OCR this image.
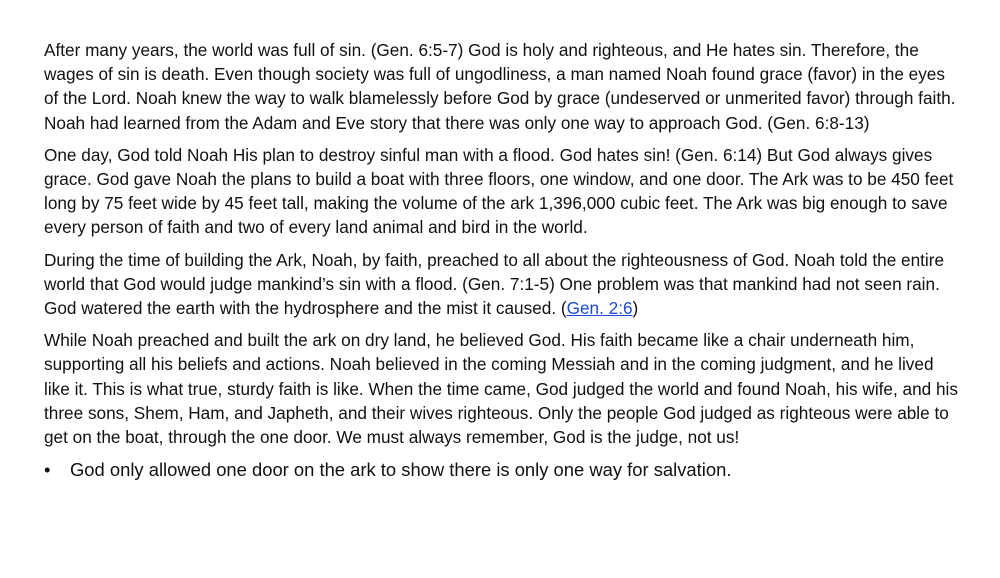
After many years, the world was full of sin. (Gen. 6:5-7) God is holy and righteous, and He hates sin. Therefore, the wages of sin is death. Even though society was full of ungodliness, a man named Noah found grace (favor) in the eyes of the Lord. Noah knew the way to walk blamelessly before God by grace (undeserved or unmerited favor) through faith. Noah had learned from the Adam and Eve story that there was only one way to approach God. (Gen. 6:8-13)

One day, God told Noah His plan to destroy sinful man with a flood. God hates sin! (Gen. 6:14) But God always gives grace. God gave Noah the plans to build a boat with three floors, one window, and one door. The Ark was to be 450 feet long by 75 feet wide by 45 feet tall, making the volume of the ark 1,396,000 cubic feet. The Ark was big enough to save every person of faith and two of every land animal and bird in the world.

During the time of building the Ark, Noah, by faith, preached to all about the righteousness of God. Noah told the entire world that God would judge mankind’s sin with a flood. (Gen. 7:1-5) One problem was that mankind had not seen rain. God watered the earth with the hydrosphere and the mist it caused. (Gen. 2:6)

While Noah preached and built the ark on dry land, he believed God. His faith became like a chair underneath him, supporting all his beliefs and actions. Noah believed in the coming Messiah and in the coming judgment, and he lived like it. This is what true, sturdy faith is like. When the time came, God judged the world and found Noah, his wife, and his three sons, Shem, Ham, and Japheth, and their wives righteous. Only the people God judged as righteous were able to get on the boat, through the one door. We must always remember, God is the judge, not us!

• God only allowed one door on the ark to show there is only one way for salvation.
